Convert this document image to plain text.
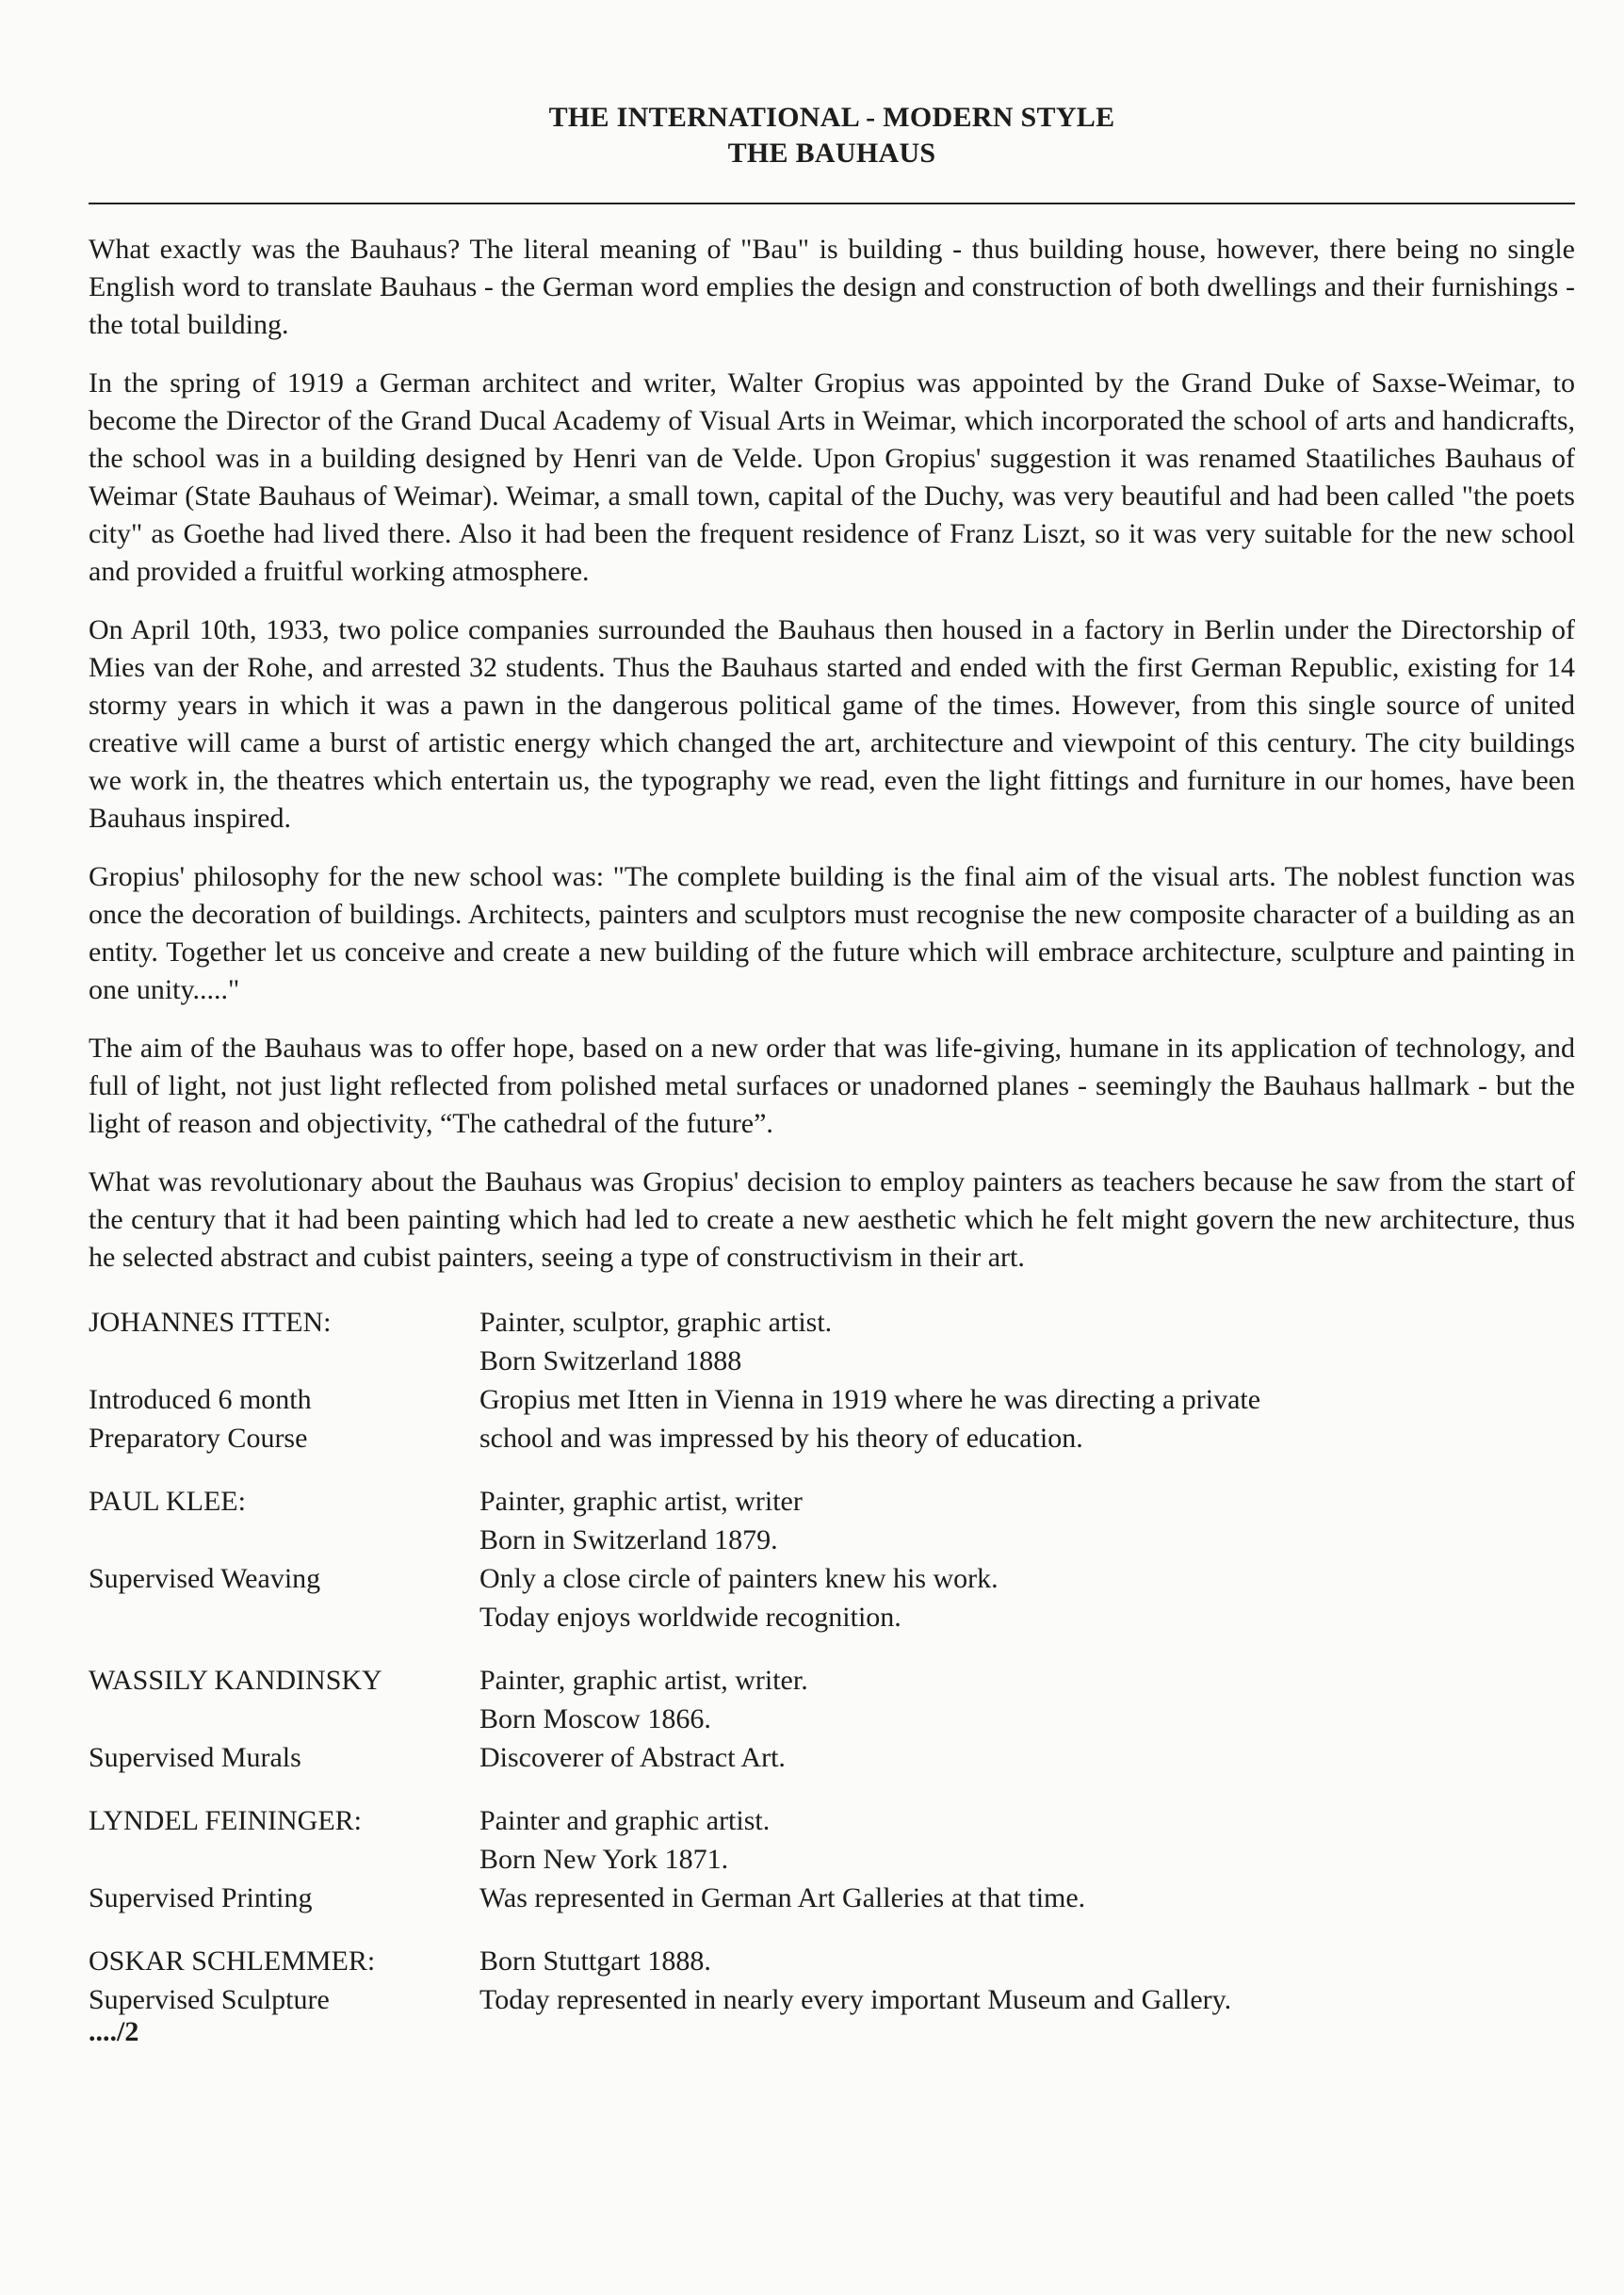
THE INTERNATIONAL - MODERN STYLE
THE BAUHAUS

What exactly was the Bauhaus? The literal meaning of "Bau" is building - thus building house, however, there being no single English word to translate Bauhaus - the German word emplies the design and construction of both dwellings and their furnishings - the total building.

In the spring of 1919 a German architect and writer, Walter Gropius was appointed by the Grand Duke of Saxse-Weimar, to become the Director of the Grand Ducal Academy of Visual Arts in Weimar, which incorporated the school of arts and handicrafts, the school was in a building designed by Henri van de Velde. Upon Gropius' suggestion it was renamed Staatiliches Bauhaus of Weimar (State Bauhaus of Weimar). Weimar, a small town, capital of the Duchy, was very beautiful and had been called "the poets city" as Goethe had lived there. Also it had been the frequent residence of Franz Liszt, so it was very suitable for the new school and provided a fruitful working atmosphere.

On April 10th, 1933, two police companies surrounded the Bauhaus then housed in a factory in Berlin under the Directorship of Mies van der Rohe, and arrested 32 students. Thus the Bauhaus started and ended with the first German Republic, existing for 14 stormy years in which it was a pawn in the dangerous political game of the times. However, from this single source of united creative will came a burst of artistic energy which changed the art, architecture and viewpoint of this century. The city buildings we work in, the theatres which entertain us, the typography we read, even the light fittings and furniture in our homes, have been Bauhaus inspired.

Gropius' philosophy for the new school was: "The complete building is the final aim of the visual arts. The noblest function was once the decoration of buildings. Architects, painters and sculptors must recognise the new composite character of a building as an entity. Together let us conceive and create a new building of the future which will embrace architecture, sculpture and painting in one unity....."

The aim of the Bauhaus was to offer hope, based on a new order that was life-giving, humane in its application of technology, and full of light, not just light reflected from polished metal surfaces or unadorned planes - seemingly the Bauhaus hallmark - but the light of reason and objectivity, “The cathedral of the future”.

What was revolutionary about the Bauhaus was Gropius' decision to employ painters as teachers because he saw from the start of the century that it had been painting which had led to create a new aesthetic which he felt might govern the new architecture, thus he selected abstract and cubist painters, seeing a type of constructivism in their art.

JOHANNES ITTEN:	Painter, sculptor, graphic artist.
Born Switzerland 1888
Introduced 6 month	Gropius met Itten in Vienna in 1919 where he was directing a private
Preparatory Course	school and was impressed by his theory of education.
PAUL KLEE:	Painter, graphic artist, writer
Born in Switzerland 1879.
Supervised Weaving	Only a close circle of painters knew his work.
Today enjoys worldwide recognition.
WASSILY KANDINSKY	Painter, graphic artist, writer.
Born Moscow 1866.
Supervised Murals	Discoverer of Abstract Art.
LYNDEL FEININGER:	Painter and graphic artist.
Born New York 1871.
Supervised Printing	Was represented in German Art Galleries at that time.
OSKAR SCHLEMMER:	Born Stuttgart 1888.
Supervised Sculpture	Today represented in nearly every important Museum and Gallery.
..../2
